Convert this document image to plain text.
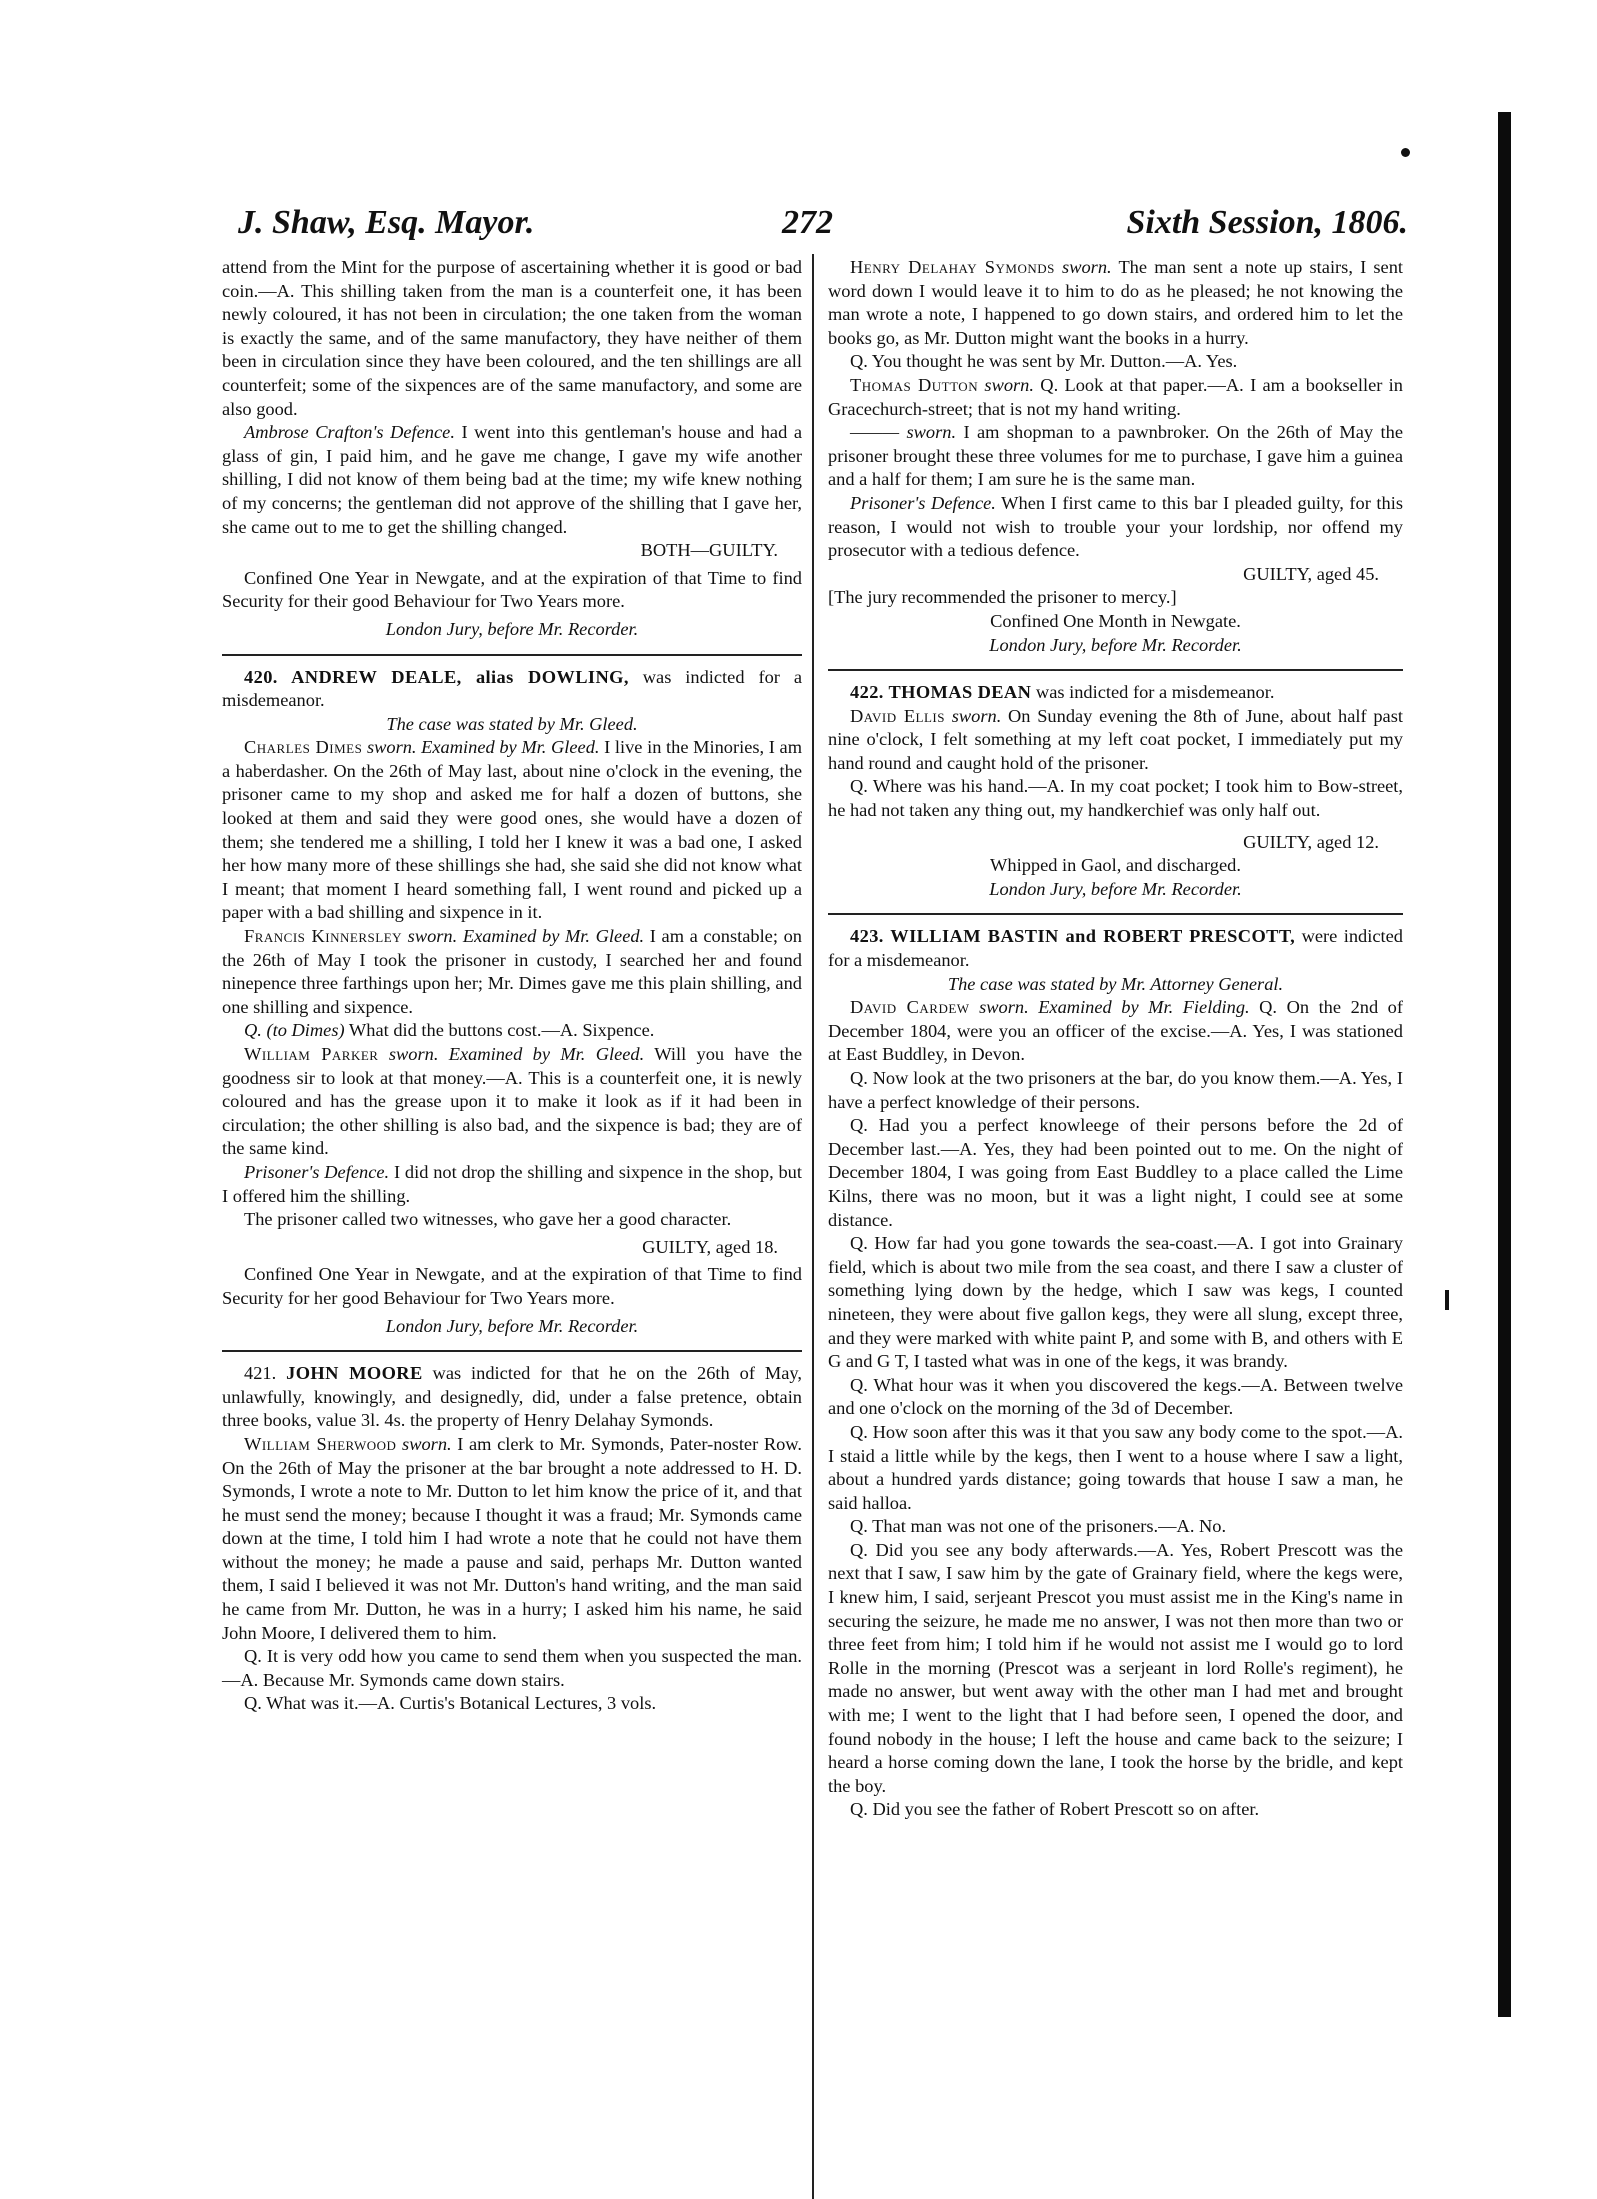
J. Shaw, Esq. Mayor.	272	Sixth Session, 1806.

attend from the Mint for the purpose of ascertaining whether it is good or bad coin.—A. This shilling taken from the man is a counterfeit one, it has been newly coloured, it has not been in circulation; the one taken from the woman is exactly the same, and of the same manufactory, they have neither of them been in circulation since they have been coloured, and the ten shillings are all counterfeit; some of the sixpences are of the same manufactory, and some are also good.

Ambrose Crafton's Defence. I went into this gentleman's house and had a glass of gin, I paid him, and he gave me change, I gave my wife another shilling, I did not know of them being bad at the time; my wife knew nothing of my concerns; the gentleman did not approve of the shilling that I gave her, she came out to me to get the shilling changed.

BOTH—GUILTY.

Confined One Year in Newgate, and at the expiration of that Time to find Security for their good Behaviour for Two Years more.

London Jury, before Mr. Recorder.

420. ANDREW DEALE, alias DOWLING, was indicted for a misdemeanor.

The case was stated by Mr. Gleed.

Charles Dimes sworn. Examined by Mr. Gleed. I live in the Minories, I am a haberdasher. On the 26th of May last, about nine o'clock in the evening, the prisoner came to my shop and asked me for half a dozen of buttons, she looked at them and said they were good ones, she would have a dozen of them; she tendered me a shilling, I told her I knew it was a bad one, I asked her how many more of these shillings she had, she said she did not know what I meant; that moment I heard something fall, I went round and picked up a paper with a bad shilling and sixpence in it.

Francis Kinnersley sworn. Examined by Mr. Gleed. I am a constable; on the 26th of May I took the prisoner in custody, I searched her and found ninepence three farthings upon her; Mr. Dimes gave me this plain shilling, and one shilling and sixpence.

Q. (to Dimes) What did the buttons cost.—A. Sixpence.

William Parker sworn. Examined by Mr. Gleed. Will you have the goodness sir to look at that money.—A. This is a counterfeit one, it is newly coloured and has the grease upon it to make it look as if it had been in circulation; the other shilling is also bad, and the sixpence is bad; they are of the same kind.

Prisoner's Defence. I did not drop the shilling and sixpence in the shop, but I offered him the shilling.

The prisoner called two witnesses, who gave her a good character.

GUILTY, aged 18.

Confined One Year in Newgate, and at the expiration of that Time to find Security for her good Behaviour for Two Years more.

London Jury, before Mr. Recorder.

421. JOHN MOORE was indicted for that he on the 26th of May, unlawfully, knowingly, and designedly, did, under a false pretence, obtain three books, value 3l. 4s. the property of Henry Delahay Symonds.

William Sherwood sworn. I am clerk to Mr. Symonds, Pater-noster Row. On the 26th of May the prisoner at the bar brought a note addressed to H. D. Symonds, I wrote a note to Mr. Dutton to let him know the price of it, and that he must send the money; because I thought it was a fraud; Mr. Symonds came down at the time, I told him I had wrote a note that he could not have them without the money; he made a pause and said, perhaps Mr. Dutton wanted them, I said I believed it was not Mr. Dutton's hand writing, and the man said he came from Mr. Dutton, he was in a hurry; I asked him his name, he said John Moore, I delivered them to him.

Q. It is very odd how you came to send them when you suspected the man.—A. Because Mr. Symonds came down stairs.

Q. What was it.—A. Curtis's Botanical Lectures, 3 vols.

Henry Delahay Symonds sworn. The man sent a note up stairs, I sent word down I would leave it to him to do as he pleased; he not knowing the man wrote a note, I happened to go down stairs, and ordered him to let the books go, as Mr. Dutton might want the books in a hurry.

Q. You thought he was sent by Mr. Dutton.—A. Yes.

Thomas Dutton sworn. Q. Look at that paper.—A. I am a bookseller in Gracechurch-street; that is not my hand writing.

——— sworn. I am shopman to a pawnbroker. On the 26th of May the prisoner brought these three volumes for me to purchase, I gave him a guinea and a half for them; I am sure he is the same man.

Prisoner's Defence. When I first came to this bar I pleaded guilty, for this reason, I would not wish to trouble your your lordship, nor offend my prosecutor with a tedious defence.

GUILTY, aged 45.

[The jury recommended the prisoner to mercy.]

Confined One Month in Newgate.

London Jury, before Mr. Recorder.

422. THOMAS DEAN was indicted for a misdemeanor.

David Ellis sworn. On Sunday evening the 8th of June, about half past nine o'clock, I felt something at my left coat pocket, I immediately put my hand round and caught hold of the prisoner.

Q. Where was his hand.—A. In my coat pocket; I took him to Bow-street, he had not taken any thing out, my handkerchief was only half out.

GUILTY, aged 12.

Whipped in Gaol, and discharged.

London Jury, before Mr. Recorder.

423. WILLIAM BASTIN and ROBERT PRESCOTT, were indicted for a misdemeanor.

The case was stated by Mr. Attorney General.

David Cardew sworn. Examined by Mr. Fielding. Q. On the 2nd of December 1804, were you an officer of the excise.—A. Yes, I was stationed at East Buddley, in Devon.

Q. Now look at the two prisoners at the bar, do you know them.—A. Yes, I have a perfect knowledge of their persons.

Q. Had you a perfect knowleege of their persons before the 2d of December last.—A. Yes, they had been pointed out to me. On the night of December 1804, I was going from East Buddley to a place called the Lime Kilns, there was no moon, but it was a light night, I could see at some distance.

Q. How far had you gone towards the sea-coast.—A. I got into Grainary field, which is about two mile from the sea coast, and there I saw a cluster of something lying down by the hedge, which I saw was kegs, I counted nineteen, they were about five gallon kegs, they were all slung, except three, and they were marked with white paint P, and some with B, and others with E G and G T, I tasted what was in one of the kegs, it was brandy.

Q. What hour was it when you discovered the kegs.—A. Between twelve and one o'clock on the morning of the 3d of December.

Q. How soon after this was it that you saw any body come to the spot.—A. I staid a little while by the kegs, then I went to a house where I saw a light, about a hundred yards distance; going towards that house I saw a man, he said halloa.

Q. That man was not one of the prisoners.—A. No.

Q. Did you see any body afterwards.—A. Yes, Robert Prescott was the next that I saw, I saw him by the gate of Grainary field, where the kegs were, I knew him, I said, serjeant Prescot you must assist me in the King's name in securing the seizure, he made me no answer, I was not then more than two or three feet from him; I told him if he would not assist me I would go to lord Rolle in the morning (Prescot was a serjeant in lord Rolle's regiment), he made no answer, but went away with the other man I had met and brought with me; I went to the light that I had before seen, I opened the door, and found nobody in the house; I left the house and came back to the seizure; I heard a horse coming down the lane, I took the horse by the bridle, and kept the boy.

Q. Did you see the father of Robert Prescott so on after.
